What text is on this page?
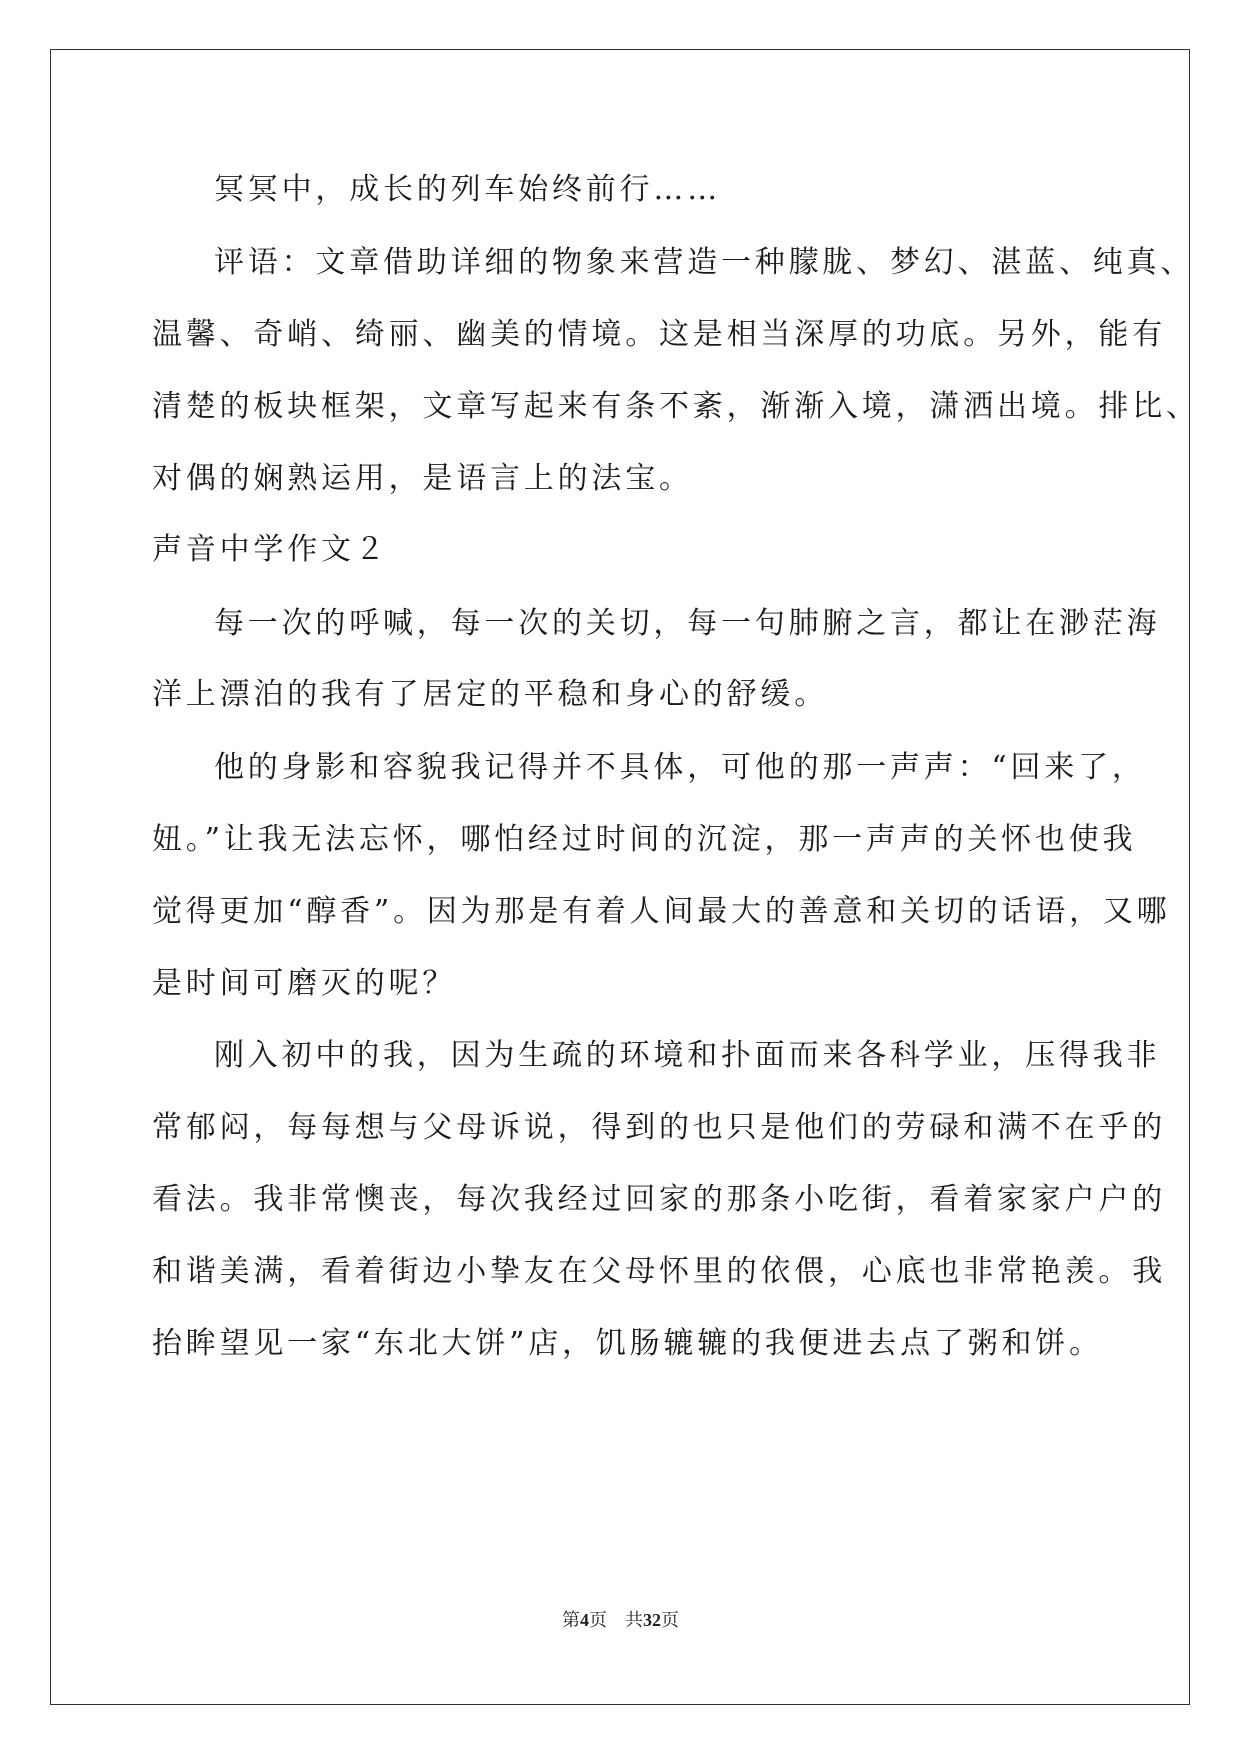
冥冥中，成长的列车始终前行……
评语：文章借助详细的物象来营造一种朦胧、梦幻、湛蓝、纯真、
温馨、奇峭、绮丽、幽美的情境。这是相当深厚的功底。另外，能有
清楚的板块框架，文章写起来有条不紊，渐渐入境，潇洒出境。排比、
对偶的娴熟运用，是语言上的法宝。
声音中学作文２
每一次的呼喊，每一次的关切，每一句肺腑之言，都让在渺茫海
洋上漂泊的我有了居定的平稳和身心的舒缓。
他的身影和容貌我记得并不具体，可他的那一声声：“回来了，
妞。”让我无法忘怀，哪怕经过时间的沉淀，那一声声的关怀也使我
觉得更加“醇香”。因为那是有着人间最大的善意和关切的话语，又哪
是时间可磨灭的呢？
刚入初中的我，因为生疏的环境和扑面而来各科学业，压得我非
常郁闷，每每想与父母诉说，得到的也只是他们的劳碌和满不在乎的
看法。我非常懊丧，每次我经过回家的那条小吃街，看着家家户户的
和谐美满，看着街边小挚友在父母怀里的依偎，心底也非常艳羡。我
抬眸望见一家“东北大饼”店，饥肠辘辘的我便进去点了粥和饼。
第4页 共32页
